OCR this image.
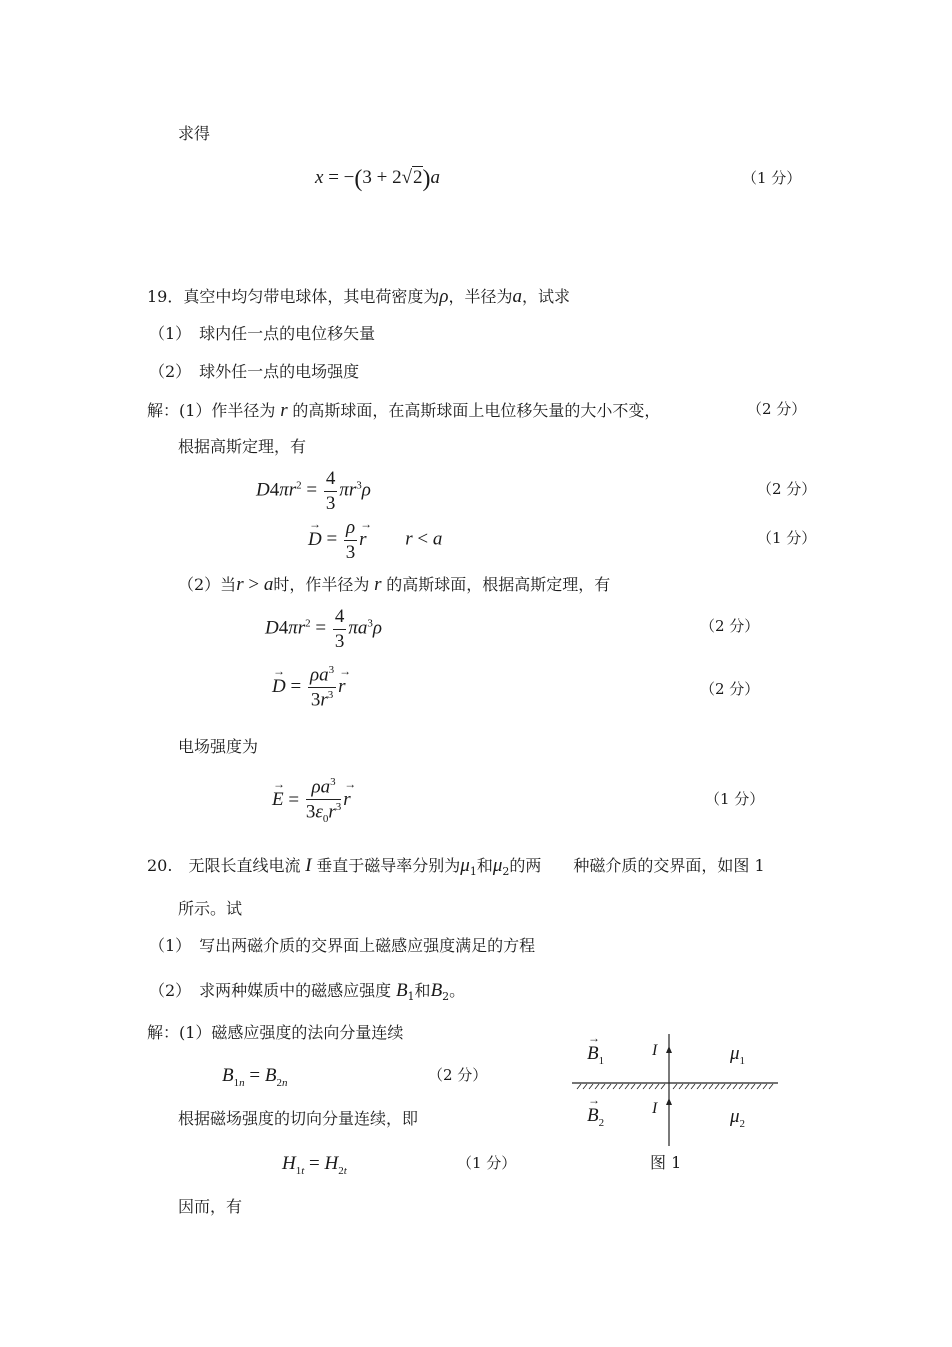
求得
x = −(3 + 2√2)a	（1 分）
19．真空中均匀带电球体，其电荷密度为ρ，半径为a，试求
（1）　球内任一点的电位移矢量
（2）　球外任一点的电场强度
解：(1）作半径为 r 的高斯球面，在高斯球面上电位移矢量的大小不变，	（2 分）
根据高斯定理，有
$D4\pi r^2 = \frac{4}{3} \pi r^3\rho$	（2 分）
→ $D = \frac{\rho}{3}$
→ r r < a	（1 分）
（2）当r > a时，作半径为 r 的高斯球面，根据高斯定理，有
$D4\pi r^2 = \frac{4}{3} \pi a^3\rho$	（2 分）
→ $D = \frac{\rho a^3}{3r^3}$
→ r	（2 分）
电场强度为
→ $E = \frac{\rho a^3}{3\varepsilon_0r^3}$
→ r	（1 分）
20.　无限长直线电流 I 垂直于磁导率分别为$\mu_1$和$\mu_2$的两　　种磁介质的交界面，如图 1
所示。试
（1）　写出两磁介质的交界面上磁感应强度满足的方程
（2）　求两种媒质中的磁感应强度 $B_1$和$B_2$。
解：(1）磁感应强度的法向分量连续
$B_{1n} = B_{2n}$	（2 分）
根据磁场强度的切向分量连续，即
$H_{1t} = H_{2t}$	（1 分）
因而，有
→ $B_1$
→ $B_2$
I
I
$\mu_1$
$\mu_2$
图 1
